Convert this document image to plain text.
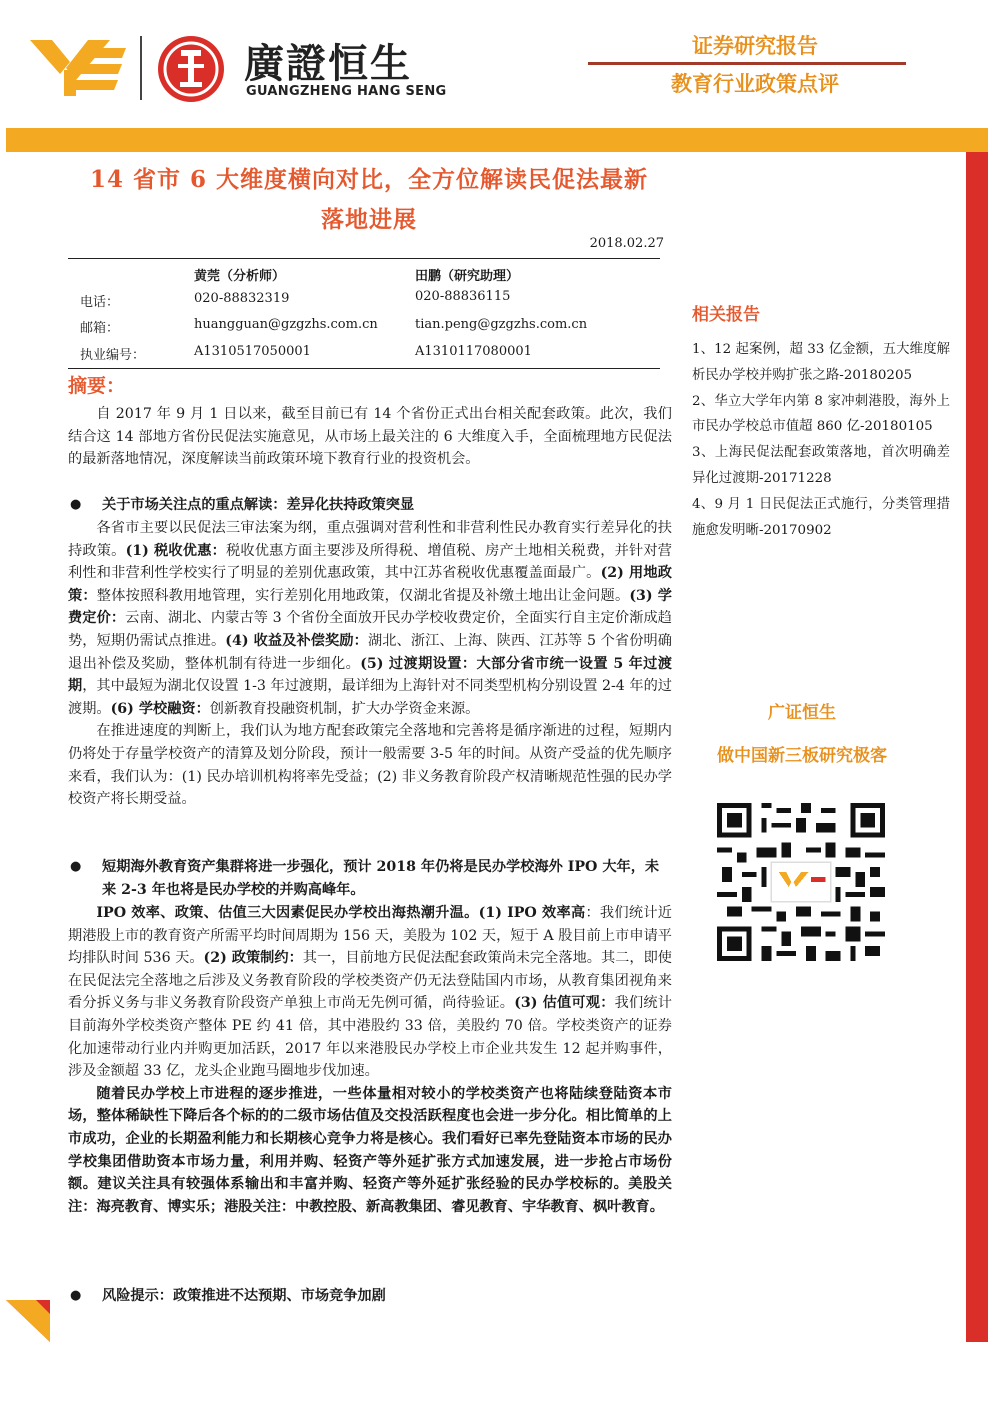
廣證恒生
GUANGZHENG HANG SENG
证券研究报告
教育行业政策点评
14 省市 6 大维度横向对比，全方位解读民促法最新
落地进展
2018.02.27
黄莞（分析师）	田鹏（研究助理）
电话：	020-88832319	020-88836115
邮箱：	huangguan@gzgzhs.com.cn	tian.peng@gzgzhs.com.cn
执业编号：	A1310517050001	A1310117080001
摘要：

自 2017 年 9 月 1 日以来，截至目前已有 14 个省份正式出台相关配套政策。此次，我们结合这 14 部地方省份民促法实施意见，从市场上最关注的 6 大维度入手，全面梳理地方民促法的最新落地情况，深度解读当前政策环境下教育行业的投资机会。

● 关于市场关注点的重点解读：差异化扶持政策突显

各省市主要以民促法三审法案为纲，重点强调对营利性和非营利性民办教育实行差异化的扶持政策。(1) 税收优惠：税收优惠方面主要涉及所得税、增值税、房产土地相关税费，并针对营利性和非营利性学校实行了明显的差别优惠政策，其中江苏省税收优惠覆盖面最广。(2) 用地政策：整体按照科教用地管理，实行差别化用地政策，仅湖北省提及补缴土地出让金问题。(3) 学费定价：云南、湖北、内蒙古等 3 个省份全面放开民办学校收费定价，全面实行自主定价渐成趋势，短期仍需试点推进。(4) 收益及补偿奖励：湖北、浙江、上海、陕西、江苏等 5 个省份明确退出补偿及奖励，整体机制有待进一步细化。(5) 过渡期设置：大部分省市统一设置 5 年过渡期，其中最短为湖北仅设置 1-3 年过渡期，最详细为上海针对不同类型机构分别设置 2-4 年的过渡期。(6) 学校融资：创新教育投融资机制，扩大办学资金来源。

在推进速度的判断上，我们认为地方配套政策完全落地和完善将是循序渐进的过程，短期内仍将处于存量学校资产的清算及划分阶段，预计一般需要 3-5 年的时间。从资产受益的优先顺序来看，我们认为：(1) 民办培训机构将率先受益；(2) 非义务教育阶段产权清晰规范性强的民办学校资产将长期受益。

● 短期海外教育资产集群将进一步强化，预计 2018 年仍将是民办学校海外 IPO 大年，未来 2-3 年也将是民办学校的并购高峰年。

IPO 效率、政策、估值三大因素促民办学校出海热潮升温。(1) IPO 效率高：我们统计近期港股上市的教育资产所需平均时间周期为 156 天，美股为 102 天，短于 A 股目前上市申请平均排队时间 536 天。(2) 政策制约：其一，目前地方民促法配套政策尚未完全落地。其二，即使在民促法完全落地之后涉及义务教育阶段的学校类资产仍无法登陆国内市场，从教育集团视角来看分拆义务与非义务教育阶段资产单独上市尚无先例可循，尚待验证。(3) 估值可观：我们统计目前海外学校类资产整体 PE 约 41 倍，其中港股约 33 倍，美股约 70 倍。学校类资产的证券化加速带动行业内并购更加活跃，2017 年以来港股民办学校上市企业共发生 12 起并购事件，涉及金额超 33 亿，龙头企业跑马圈地步伐加速。

随着民办学校上市进程的逐步推进，一些体量相对较小的学校类资产也将陆续登陆资本市场，整体稀缺性下降后各个标的的二级市场估值及交投活跃程度也会进一步分化。相比简单的上市成功，企业的长期盈利能力和长期核心竞争力将是核心。我们看好已率先登陆资本市场的民办学校集团借助资本市场力量，利用并购、轻资产等外延扩张方式加速发展，进一步抢占市场份额。建议关注具有较强体系输出和丰富并购、轻资产等外延扩张经验的民办学校标的。美股关注：海亮教育、博实乐；港股关注：中教控股、新高教集团、睿见教育、宇华教育、枫叶教育。

● 风险提示：政策推进不达预期、市场竞争加剧
相关报告

1、12 起案例，超 33 亿金额，五大维度解析民办学校并购扩张之路-20180205

2、华立大学年内第 8 家冲刺港股，海外上市民办学校总市值超 860 亿-20180105

3、上海民促法配套政策落地，首次明确差异化过渡期-20171228

4、9 月 1 日民促法正式施行，分类管理措施愈发明晰-20170902

广证恒生
做中国新三板研究极客
